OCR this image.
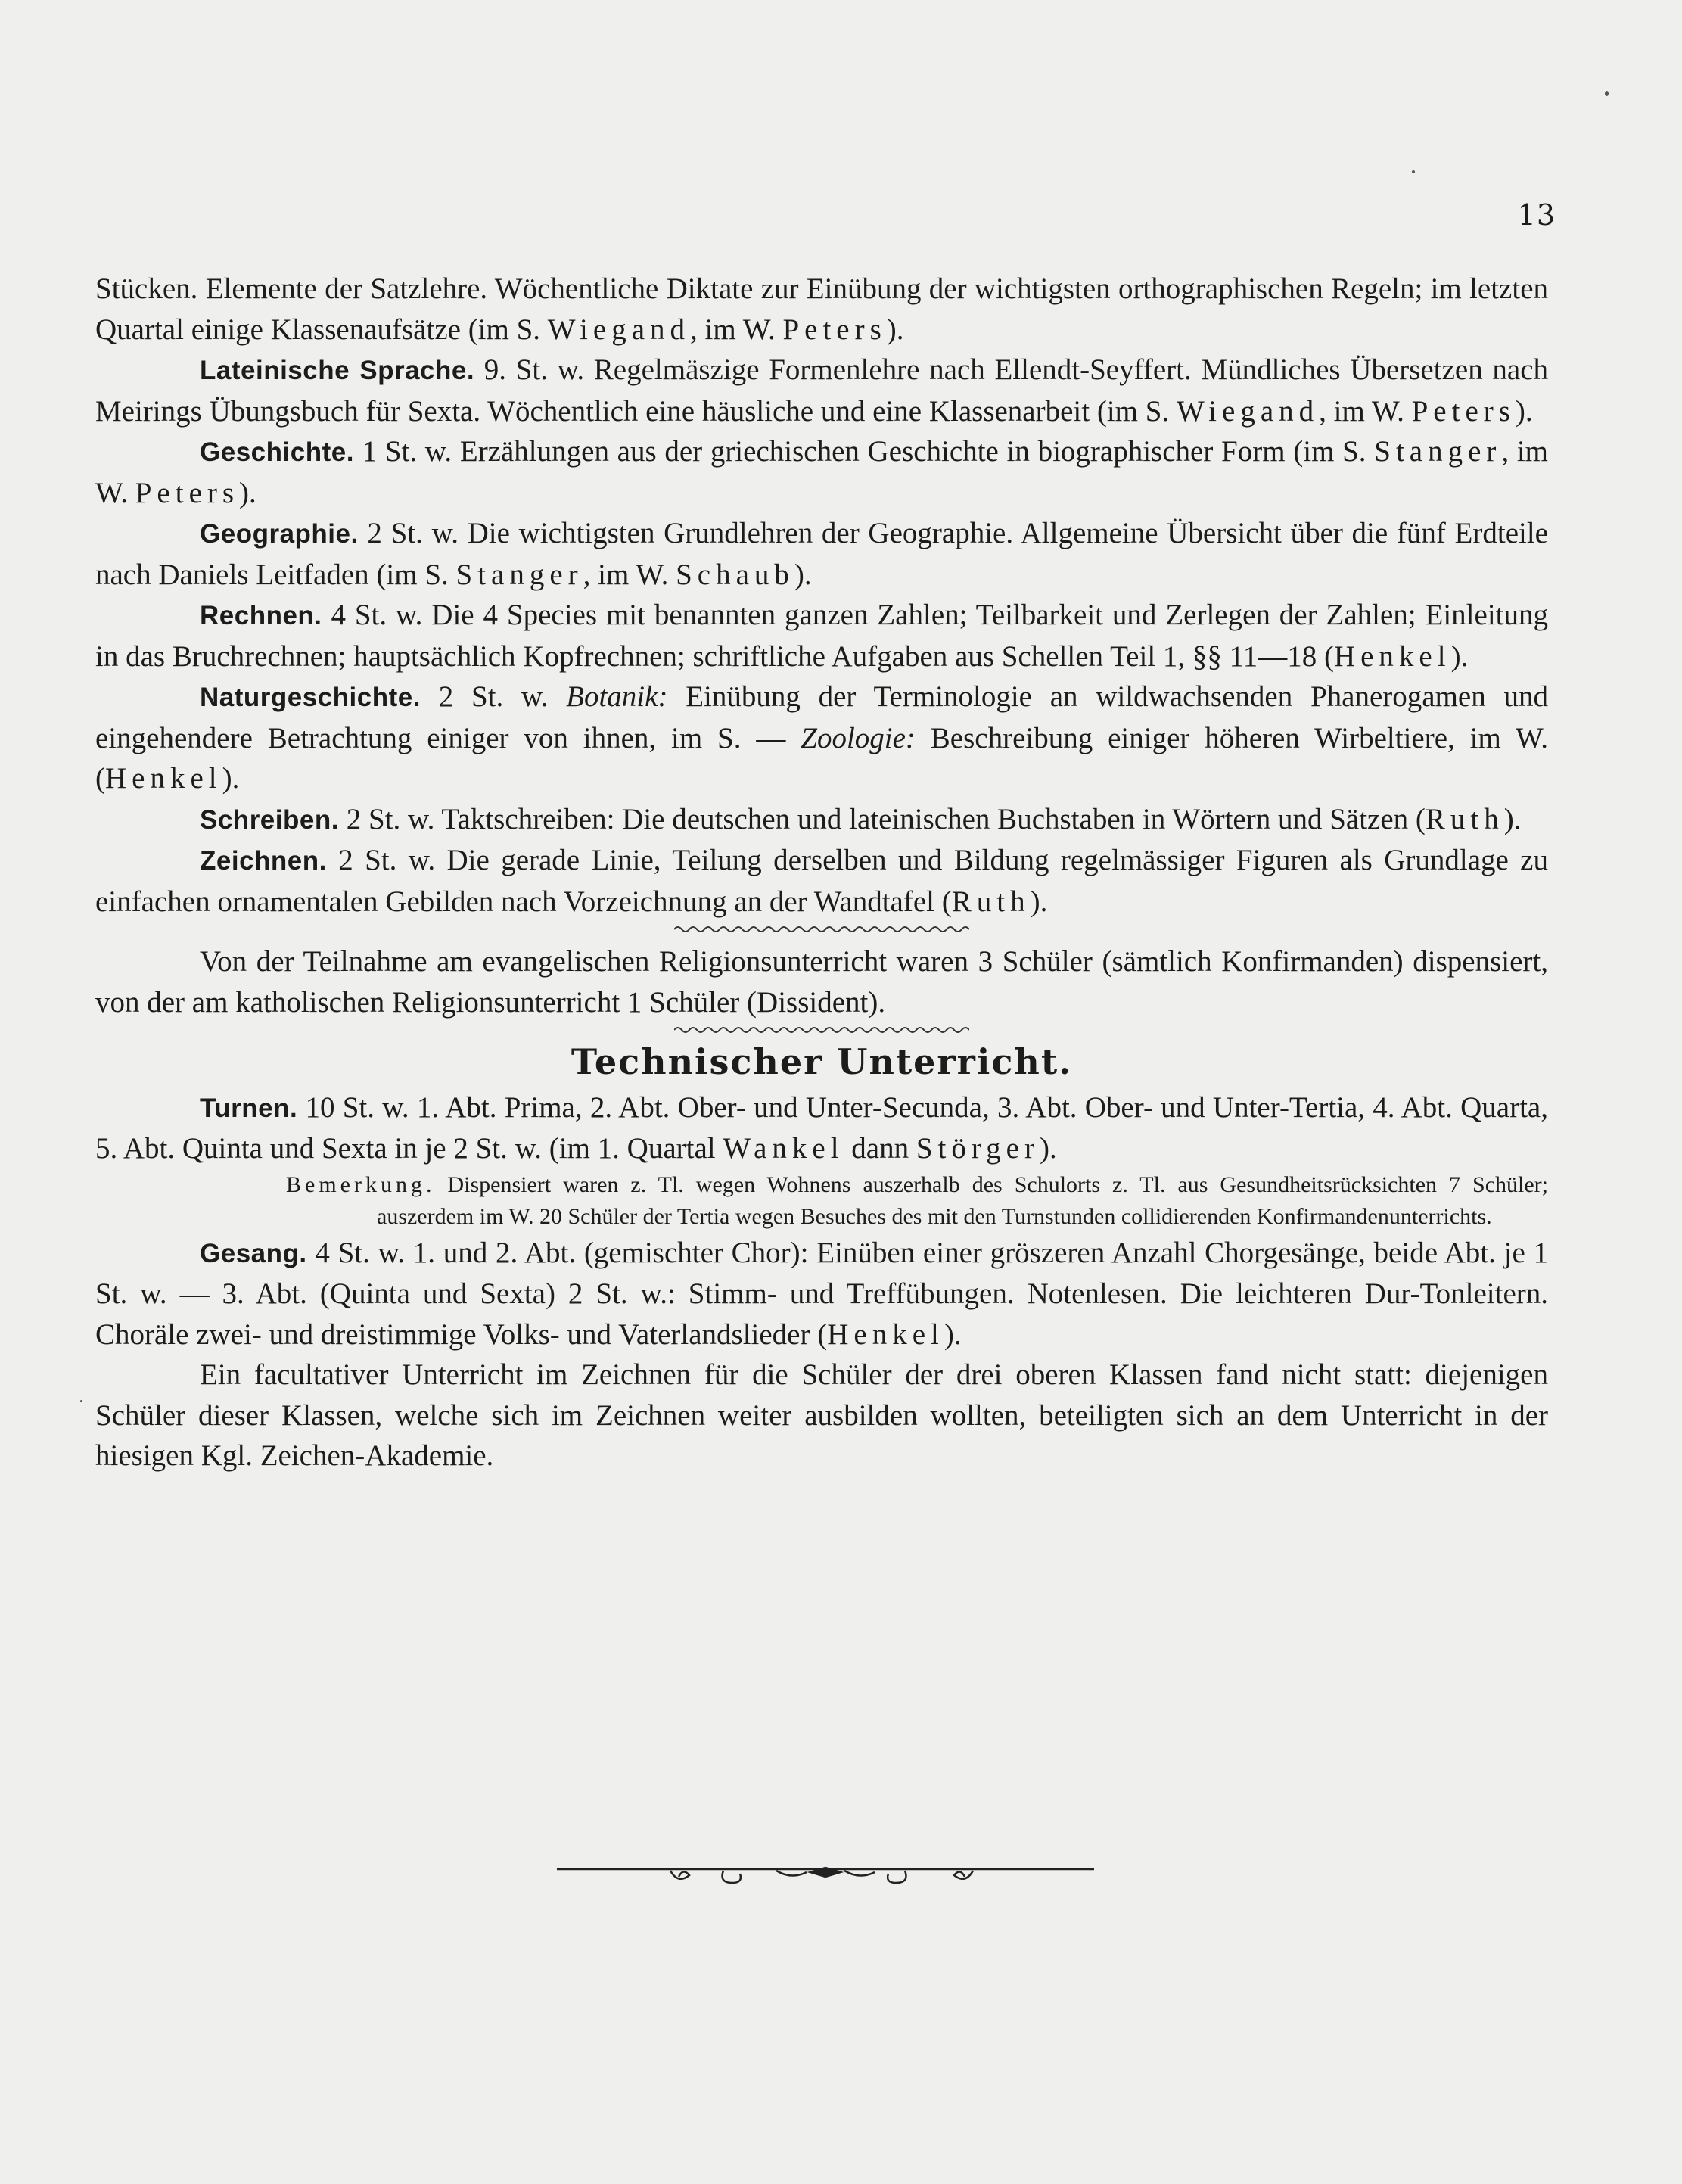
13

Stücken. Elemente der Satzlehre. Wöchentliche Diktate zur Einübung der wichtigsten orthographischen Regeln; im letzten Quartal einige Klassenaufsätze (im S. Wiegand, im W. Peters).

Lateinische Sprache. 9. St. w. Regelmäszige Formenlehre nach Ellendt-Seyffert. Mündliches Übersetzen nach Meirings Übungsbuch für Sexta. Wöchentlich eine häusliche und eine Klassenarbeit (im S. Wiegand, im W. Peters).

Geschichte. 1 St. w. Erzählungen aus der griechischen Geschichte in biographischer Form (im S. Stanger, im W. Peters).

Geographie. 2 St. w. Die wichtigsten Grundlehren der Geographie. Allgemeine Übersicht über die fünf Erdteile nach Daniels Leitfaden (im S. Stanger, im W. Schaub).

Rechnen. 4 St. w. Die 4 Species mit benannten ganzen Zahlen; Teilbarkeit und Zerlegen der Zahlen; Einleitung in das Bruchrechnen; hauptsächlich Kopfrechnen; schriftliche Aufgaben aus Schellen Teil 1, §§ 11—18 (Henkel).

Naturgeschichte. 2 St. w. Botanik: Einübung der Terminologie an wildwachsenden Phanerogamen und eingehendere Betrachtung einiger von ihnen, im S. — Zoologie: Beschreibung einiger höheren Wirbeltiere, im W. (Henkel).

Schreiben. 2 St. w. Taktschreiben: Die deutschen und lateinischen Buchstaben in Wörtern und Sätzen (Ruth).

Zeichnen. 2 St. w. Die gerade Linie, Teilung derselben und Bildung regelmässiger Figuren als Grundlage zu einfachen ornamentalen Gebilden nach Vorzeichnung an der Wandtafel (Ruth).

Von der Teilnahme am evangelischen Religionsunterricht waren 3 Schüler (sämtlich Konfirmanden) dispensiert, von der am katholischen Religionsunterricht 1 Schüler (Dissident).

Technischer Unterricht.

Turnen. 10 St. w. 1. Abt. Prima, 2. Abt. Ober- und Unter-Secunda, 3. Abt. Ober- und Unter-Tertia, 4. Abt. Quarta, 5. Abt. Quinta und Sexta in je 2 St. w. (im 1. Quartal Wankel dann Störger).

Bemerkung. Dispensiert waren z. Tl. wegen Wohnens auszerhalb des Schulorts z. Tl. aus Gesundheitsrücksichten 7 Schüler; auszerdem im W. 20 Schüler der Tertia wegen Besuches des mit den Turnstunden collidierenden Konfirmandenunterrichts.

Gesang. 4 St. w. 1. und 2. Abt. (gemischter Chor): Einüben einer gröszeren Anzahl Chorgesänge, beide Abt. je 1 St. w. — 3. Abt. (Quinta und Sexta) 2 St. w.: Stimm- und Treffübungen. Notenlesen. Die leichteren Dur-Tonleitern. Choräle zwei- und dreistimmige Volks- und Vaterlandslieder (Henkel).

Ein facultativer Unterricht im Zeichnen für die Schüler der drei oberen Klassen fand nicht statt: diejenigen Schüler dieser Klassen, welche sich im Zeichnen weiter ausbilden wollten, beteiligten sich an dem Unterricht in der hiesigen Kgl. Zeichen-Akademie.
